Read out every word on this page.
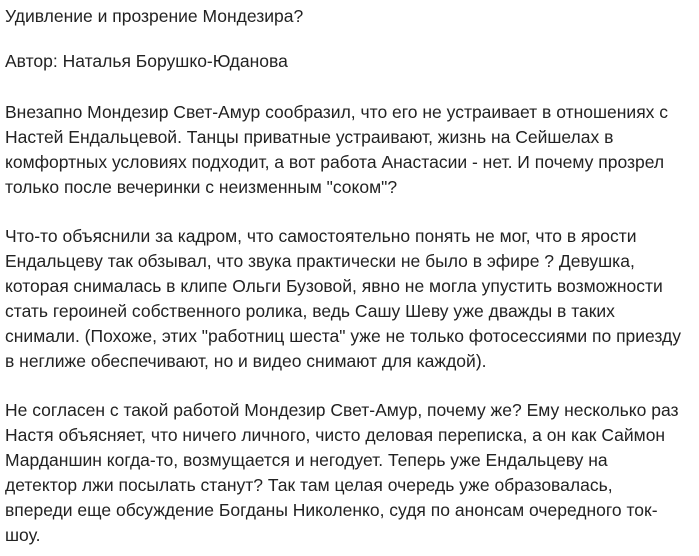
Удивление и прозрение Мондезира?
Автор: Наталья Борушко-Юданова
Внезапно Мондезир Свет-Амур сообразил, что его не устраивает в отношениях с
Настей Ендальцевой. Танцы приватные устраивают, жизнь на Сейшелах в
комфортных условиях подходит, а вот работа Анастасии - нет. И почему прозрел
только после вечеринки с неизменным "соком"?
Что-то объяснили за кадром, что самостоятельно понять не мог, что в ярости
Ендальцеву так обзывал, что звука практически не было в эфире ? Девушка,
которая снималась в клипе Ольги Бузовой, явно не могла упустить возможности
стать героиней собственного ролика, ведь Сашу Шеву уже дважды в таких
снимали. (Похоже, этих "работниц шеста" уже не только фотосессиями по приезду
в неглиже обеспечивают, но и видео снимают для каждой).
Не согласен с такой работой Мондезир Свет-Амур, почему же? Ему несколько раз
Настя объясняет, что ничего личного, чисто деловая переписка, а он как Саймон
Марданшин когда-то, возмущается и негодует. Теперь уже Ендальцеву на
детектор лжи посылать станут? Так там целая очередь уже образовалась,
впереди еще обсуждение Богданы Николенко, судя по анонсам очередного ток-
шоу.
